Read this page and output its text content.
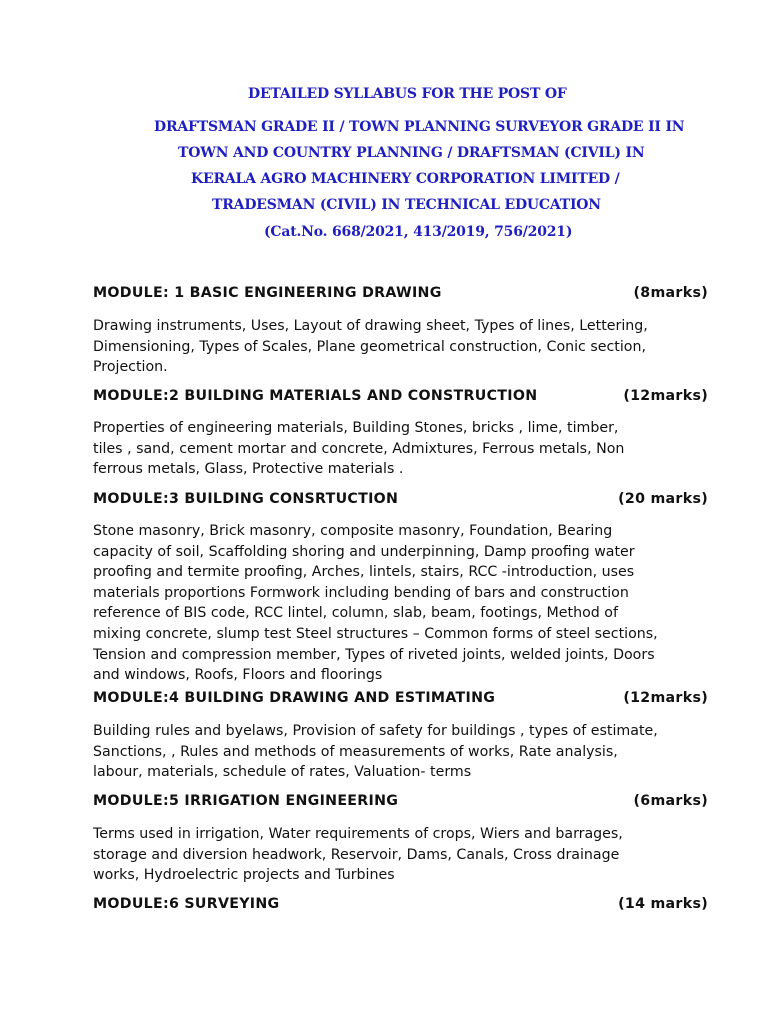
DETAILED SYLLABUS FOR THE POST OF
DRAFTSMAN GRADE II / TOWN PLANNING SURVEYOR GRADE II IN
TOWN AND COUNTRY PLANNING / DRAFTSMAN (CIVIL) IN
KERALA AGRO MACHINERY CORPORATION LIMITED /
TRADESMAN (CIVIL) IN TECHNICAL EDUCATION
(Cat.No. 668/2021, 413/2019, 756/2021)
MODULE: 1 BASIC ENGINEERING DRAWING	(8marks)
Drawing instruments, Uses, Layout of drawing sheet, Types of lines, Lettering,
Dimensioning, Types of Scales, Plane geometrical construction, Conic section,
Projection.
MODULE:2 BUILDING MATERIALS AND CONSTRUCTION	(12marks)
Properties of engineering materials, Building Stones, bricks , lime, timber,
tiles , sand, cement mortar and concrete, Admixtures, Ferrous metals, Non
ferrous metals, Glass, Protective materials .
MODULE:3 BUILDING CONSRTUCTION	(20 marks)
Stone masonry, Brick masonry, composite masonry, Foundation, Bearing
capacity of soil, Scaffolding shoring and underpinning, Damp proofing water
proofing and termite proofing, Arches, lintels, stairs, RCC -introduction, uses
materials proportions Formwork including bending of bars and construction
reference of BIS code, RCC lintel, column, slab, beam, footings, Method of
mixing concrete, slump test Steel structures – Common forms of steel sections,
Tension and compression member, Types of riveted joints, welded joints, Doors
and windows, Roofs, Floors and floorings
MODULE:4 BUILDING DRAWING AND ESTIMATING	(12marks)
Building rules and byelaws, Provision of safety for buildings , types of estimate,
Sanctions, , Rules and methods of measurements of works, Rate analysis,
labour, materials, schedule of rates, Valuation- terms
MODULE:5 IRRIGATION ENGINEERING	(6marks)
Terms used in irrigation, Water requirements of crops, Wiers and barrages,
storage and diversion headwork, Reservoir, Dams, Canals, Cross drainage
works, Hydroelectric projects and Turbines
MODULE:6 SURVEYING	(14 marks)
